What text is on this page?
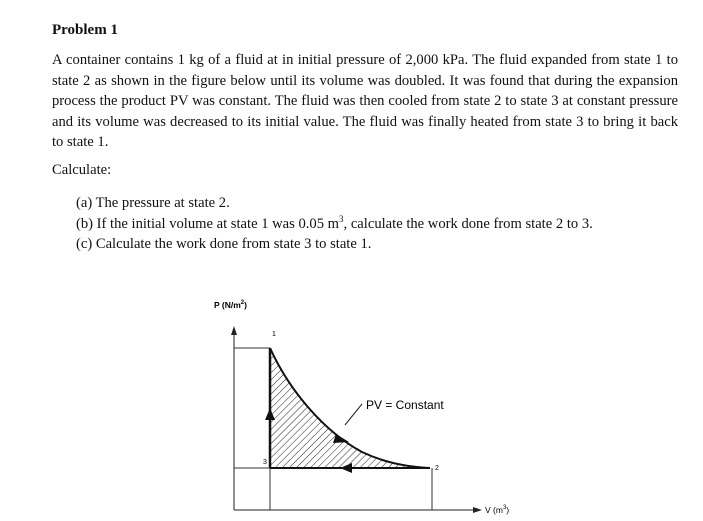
Problem 1
A container contains 1 kg of a fluid at in initial pressure of 2,000 kPa. The fluid expanded from state 1 to state 2 as shown in the figure below until its volume was doubled. It was found that during the expansion process the product PV was constant. The fluid was then cooled from state 2 to state 3 at constant pressure and its volume was decreased to its initial value. The fluid was finally heated from state 3 to bring it back to state 1.
Calculate:
(a) The pressure at state 2.
(b) If the initial volume at state 1 was 0.05 $m^3$, calculate the work done from state 2 to 3.
(c) Calculate the work done from state 3 to state 1.
P $(N/m^2)$
V $(m^3)$
PV = Constant
1
2
3
